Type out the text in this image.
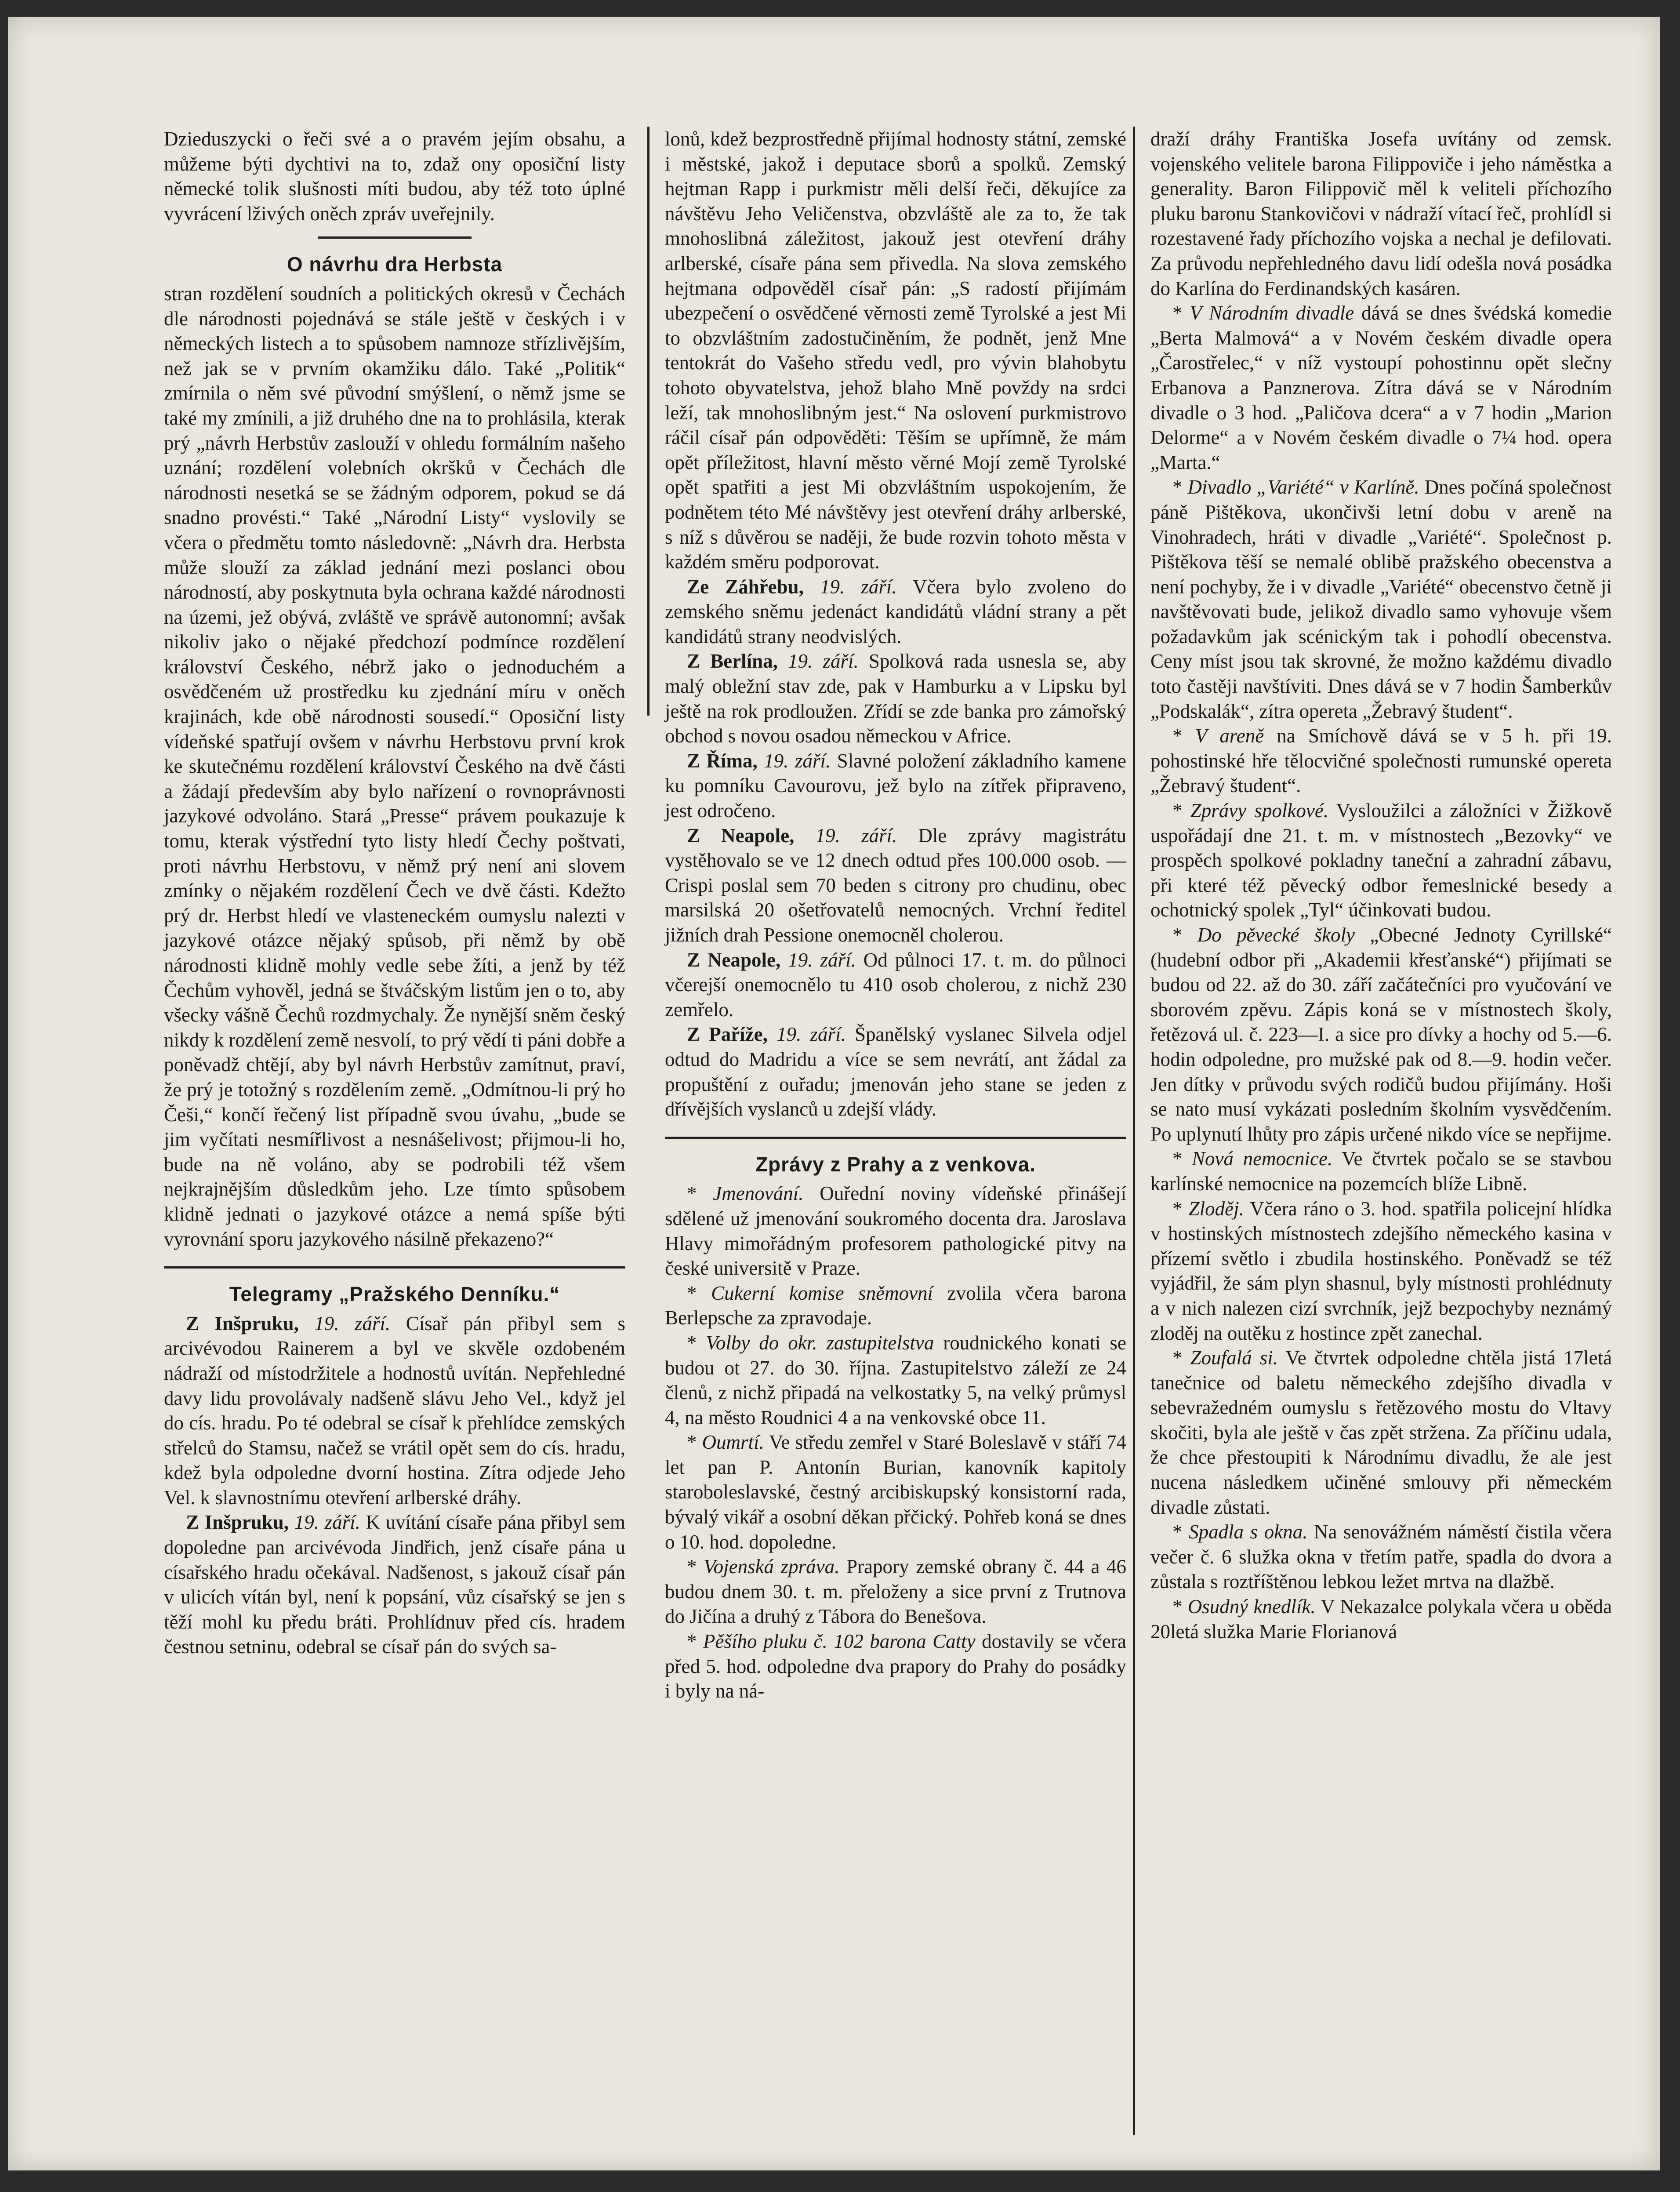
Dzieduszycki o řeči své a o pravém jejím obsahu, a můžeme býti dychtivi na to, zdaž ony oposiční listy německé tolik slušnosti míti budou, aby též toto úplné vyvrácení lživých oněch zpráv uveřejnily.

O návrhu dra Herbsta

stran rozdělení soudních a politických okresů v Čechách dle národnosti pojednává se stále ještě v českých i v německých listech a to spůsobem namnoze střízlivějším, než jak se v prvním okamžiku dálo. Také „Politik“ zmírnila o něm své původní smýšlení, o němž jsme se také my zmínili, a již druhého dne na to prohlásila, kterak prý „návrh Herbstův zaslouží v ohledu formálním našeho uznání; rozdělení volebních okršků v Čechách dle národnosti nesetká se se žádným odporem, pokud se dá snadno provésti.“ Také „Národní Listy“ vyslovily se včera o předmětu tomto následovně: „Návrh dra. Herbsta může slouží za základ jednání mezi poslanci obou národností, aby poskytnuta byla ochrana každé národnosti na územi, jež obývá, zvláště ve správě autonomní; avšak nikoliv jako o nějaké předchozí podmínce rozdělení království Českého, nébrž jako o jednoduchém a osvědčeném už prostředku ku zjednání míru v oněch krajinách, kde obě národnosti sousedí.“ Oposiční listy vídeňské spatřují ovšem v návrhu Herbstovu první krok ke skutečnému rozdělení království Českého na dvě části a žádají především aby bylo nařízení o rovnoprávnosti jazykové odvoláno. Stará „Presse“ právem poukazuje k tomu, kterak výstřední tyto listy hledí Čechy poštvati, proti návrhu Herbstovu, v němž prý není ani slovem zmínky o nějakém rozdělení Čech ve dvě části. Kdežto prý dr. Herbst hledí ve vlasteneckém oumyslu nalezti v jazykové otázce nějaký spůsob, při němž by obě národnosti klidně mohly vedle sebe žíti, a jenž by též Čechům vyhověl, jedná se štváčským listům jen o to, aby všecky vášně Čechů rozdmychaly. Že nynější sněm český nikdy k rozdělení země nesvolí, to prý vědí ti páni dobře a poněvadž chtějí, aby byl návrh Herbstův zamítnut, praví, že prý je totožný s rozdělením země. „Odmítnou-li prý ho Češi,“ končí řečený list případně svou úvahu, „bude se jim vyčítati nesmířlivost a nesnášelivost; přijmou-li ho, bude na ně voláno, aby se podrobili též všem nejkrajnějším důsledkům jeho. Lze tímto spůsobem klidně jednati o jazykové otázce a nemá spíše býti vyrovnání sporu jazykového násilně překazeno?“

Telegramy „Pražského Denníku.“

Z Inšpruku, 19. září. Císař pán přibyl sem s arcivévodou Rainerem a byl ve skvěle ozdobeném nádraží od místodržitele a hodnostů uvítán. Nepřehledné davy lidu provolávaly nadšeně slávu Jeho Vel., když jel do cís. hradu. Po té odebral se císař k přehlídce zemských střelců do Stamsu, načež se vrátil opět sem do cís. hradu, kdež byla odpoledne dvorní hostina. Zítra odjede Jeho Vel. k slavnostnímu otevření arlberské dráhy.

Z Inšpruku, 19. září. K uvítání císaře pána přibyl sem dopoledne pan arcivévoda Jindřich, jenž císaře pána u císařského hradu očekával. Nadšenost, s jakouž císař pán v ulicích vítán byl, není k popsání, vůz císařský se jen s těží mohl ku předu bráti. Prohlídnuv před cís. hradem čestnou setninu, odebral se císař pán do svých sa-

lonů, kdež bezprostředně přijímal hodnosty státní, zemské i městské, jakož i deputace sborů a spolků. Zemský hejtman Rapp i purkmistr měli delší řeči, děkujíce za návštěvu Jeho Veličenstva, obzvláště ale za to, že tak mnohoslibná záležitost, jakouž jest otevření dráhy arlberské, císaře pána sem přivedla. Na slova zemského hejtmana odpověděl císař pán: „S radostí přijímám ubezpečení o osvědčené věrnosti země Tyrolské a jest Mi to obzvláštním zadostučiněním, že podnět, jenž Mne tentokrát do Vašeho středu vedl, pro vývin blahobytu tohoto obyvatelstva, jehož blaho Mně povždy na srdci leží, tak mnohoslibným jest.“ Na oslovení purkmistrovo ráčil císař pán odpověděti: Těším se upřímně, že mám opět příležitost, hlavní město věrné Mojí země Tyrolské opět spatřiti a jest Mi obzvláštním uspokojením, že podnětem této Mé návštěvy jest otevření dráhy arlberské, s níž s důvěrou se naději, že bude rozvin tohoto města v každém směru podporovat.

Ze Záhřebu, 19. září. Včera bylo zvoleno do zemského sněmu jedenáct kandidátů vládní strany a pět kandidátů strany neodvislých.

Z Berlína, 19. září. Spolková rada usnesla se, aby malý obležní stav zde, pak v Hamburku a v Lipsku byl ještě na rok prodloužen. Zřídí se zde banka pro zámořský obchod s novou osadou německou v Africe.

Z Říma, 19. září. Slavné položení základního kamene ku pomníku Cavourovu, jež bylo na zítřek připraveno, jest odročeno.

Z Neapole, 19. září. Dle zprávy magistrátu vystěhovalo se ve 12 dnech odtud přes 100.000 osob. — Crispi poslal sem 70 beden s citrony pro chudinu, obec marsilská 20 ošetřovatelů nemocných. Vrchní ředitel jižních drah Pessione onemocněl cholerou.

Z Neapole, 19. září. Od půlnoci 17. t. m. do půlnoci včerejší onemocnělo tu 410 osob cholerou, z nichž 230 zemřelo.

Z Paříže, 19. září. Španělský vyslanec Silvela odjel odtud do Madridu a více se sem nevrátí, ant žádal za propuštění z ouřadu; jmenován jeho stane se jeden z dřívějších vyslanců u zdejší vlády.

Zprávy z Prahy a z venkova.

* Jmenování. Ouřední noviny vídeňské přinášejí sdělené už jmenování soukromého docenta dra. Jaroslava Hlavy mimořádným profesorem pathologické pitvy na české universitě v Praze.

* Cukerní komise sněmovní zvolila včera barona Berlepsche za zpravodaje.

* Volby do okr. zastupitelstva roudnického konati se budou ot 27. do 30. října. Zastupitelstvo záleží ze 24 členů, z nichž připadá na velkostatky 5, na velký průmysl 4, na město Roudnici 4 a na venkovské obce 11.

* Oumrtí. Ve středu zemřel v Staré Boleslavě v stáří 74 let pan P. Antonín Burian, kanovník kapitoly staroboleslavské, čestný arcibiskupský konsistorní rada, bývalý vikář a osobní děkan přčický. Pohřeb koná se dnes o 10. hod. dopoledne.

* Vojenská zpráva. Prapory zemské obrany č. 44 a 46 budou dnem 30. t. m. přeloženy a sice první z Trutnova do Jičína a druhý z Tábora do Benešova.

* Pěšího pluku č. 102 barona Catty dostavily se včera před 5. hod. odpoledne dva prapory do Prahy do posádky i byly na ná-

draží dráhy Františka Josefa uvítány od zemsk. vojenského velitele barona Filippoviče i jeho náměstka a generality. Baron Filippovič měl k veliteli příchozího pluku baronu Stankovičovi v nádraží vítací řeč, prohlídl si rozestavené řady příchozího vojska a nechal je defilovati. Za průvodu nepřehledného davu lidí odešla nová posádka do Karlína do Ferdinandských kasáren.

* V Národním divadle dává se dnes švédská komedie „Berta Malmová“ a v Novém českém divadle opera „Čarostřelec,“ v níž vystoupí pohostinnu opět slečny Erbanova a Panznerova. Zítra dává se v Národním divadle o 3 hod. „Paličova dcera“ a v 7 hodin „Marion Delorme“ a v Novém českém divadle o 7¼ hod. opera „Marta.“

* Divadlo „Variété“ v Karlíně. Dnes počíná společnost páně Pištěkova, ukončivši letní dobu v areně na Vinohradech, hráti v divadle „Variété“. Společnost p. Pištěkova těší se nemalé oblibě pražského obecenstva a není pochyby, že i v divadle „Variété“ obecenstvo četně ji navštěvovati bude, jelikož divadlo samo vyhovuje všem požadavkům jak scénickým tak i pohodlí obecenstva. Ceny míst jsou tak skrovné, že možno každému divadlo toto častěji navštíviti. Dnes dává se v 7 hodin Šamberkův „Podskalák“, zítra opereta „Žebravý študent“.

* V areně na Smíchově dává se v 5 h. při 19. pohostinské hře tělocvičné společnosti rumunské opereta „Žebravý študent“.

* Zprávy spolkové. Vysloužilci a záložníci v Žižkově uspořádají dne 21. t. m. v místnostech „Bezovky“ ve prospěch spolkové pokladny taneční a zahradní zábavu, při které též pěvecký odbor řemeslnické besedy a ochotnický spolek „Tyl“ účinkovati budou.

* Do pěvecké školy „Obecné Jednoty Cyrillské“ (hudební odbor při „Akademii křesťanské“) přijímati se budou od 22. až do 30. září začátečníci pro vyučování ve sborovém zpěvu. Zápis koná se v místnostech školy, řetězová ul. č. 223—I. a sice pro dívky a hochy od 5.—6. hodin odpoledne, pro mužské pak od 8.—9. hodin večer. Jen dítky v průvodu svých rodičů budou přijímány. Hoši se nato musí vykázati posledním školním vysvědčením. Po uplynutí lhůty pro zápis určené nikdo více se nepřijme.

* Nová nemocnice. Ve čtvrtek počalo se se stavbou karlínské nemocnice na pozemcích blíže Libně.

* Zloděj. Včera ráno o 3. hod. spatřila policejní hlídka v hostinských místnostech zdejšího německého kasina v přízemí světlo i zbudila hostinského. Poněvadž se též vyjádřil, že sám plyn shasnul, byly místnosti prohlédnuty a v nich nalezen cizí svrchník, jejž bezpochyby neznámý zloděj na outěku z hostince zpět zanechal.

* Zoufalá si. Ve čtvrtek odpoledne chtěla jistá 17letá tanečnice od baletu německého zdejšího divadla v sebevražedném oumyslu s řetězového mostu do Vltavy skočiti, byla ale ještě v čas zpět stržena. Za příčinu udala, že chce přestoupiti k Národnímu divadlu, že ale jest nucena následkem učiněné smlouvy při německém divadle zůstati.

* Spadla s okna. Na senovážném náměstí čistila včera večer č. 6 služka okna v třetím patře, spadla do dvora a zůstala s roztříštěnou lebkou ležet mrtva na dlažbě.

* Osudný knedlík. V Nekazalce polykala včera u oběda 20letá služka Marie Florianová
